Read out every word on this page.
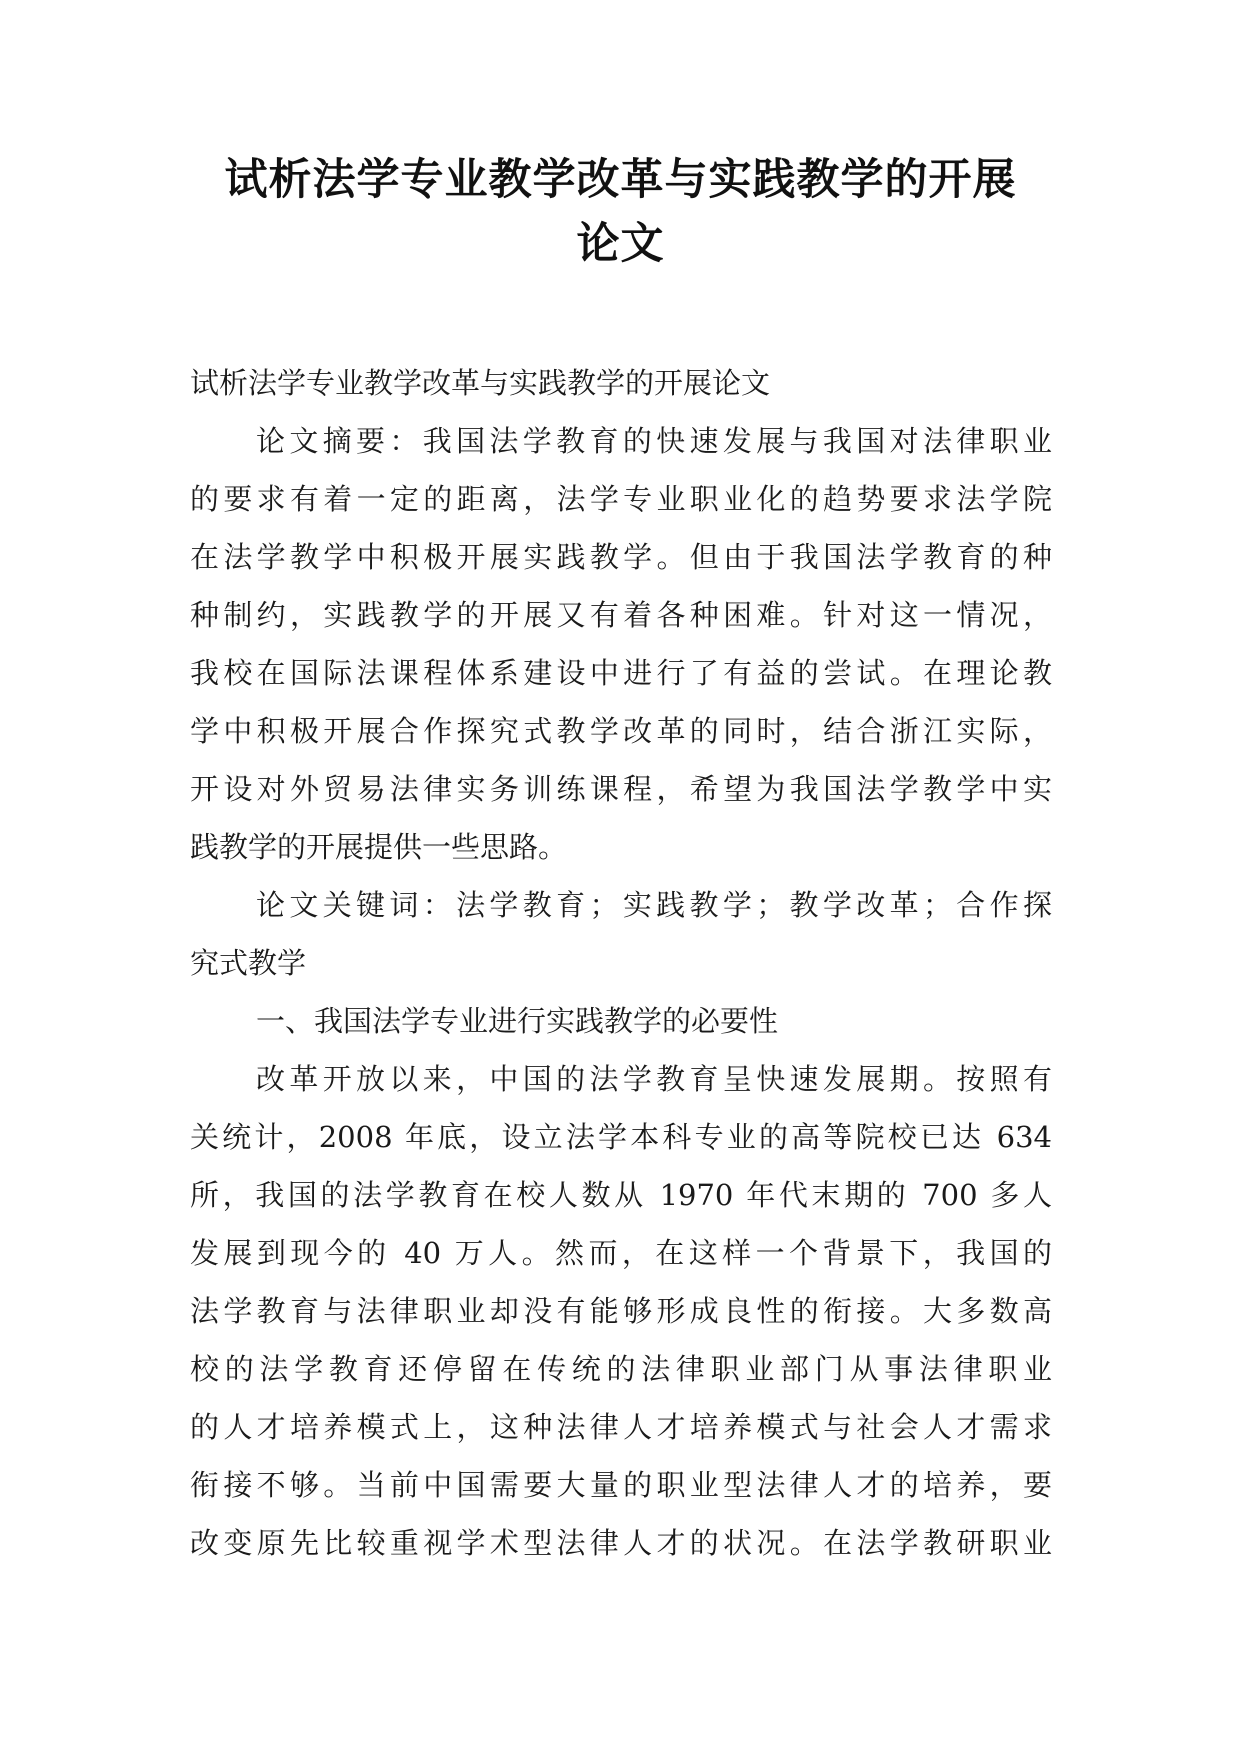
试析法学专业教学改革与实践教学的开展
论文
试析法学专业教学改革与实践教学的开展论文
论文摘要：我国法学教育的快速发展与我国对法律职业
的要求有着一定的距离，法学专业职业化的趋势要求法学院
在法学教学中积极开展实践教学。但由于我国法学教育的种
种制约，实践教学的开展又有着各种困难。针对这一情况，
我校在国际法课程体系建设中进行了有益的尝试。在理论教
学中积极开展合作探究式教学改革的同时，结合浙江实际，
开设对外贸易法律实务训练课程，希望为我国法学教学中实
践教学的开展提供一些思路。
论文关键词：法学教育；实践教学；教学改革；合作探
究式教学
一、我国法学专业进行实践教学的必要性
改革开放以来，中国的法学教育呈快速发展期。按照有
关统计，2008 年底，设立法学本科专业的高等院校已达 634
所，我国的法学教育在校人数从 1970 年代末期的 700 多人
发展到现今的 40 万人。然而，在这样一个背景下，我国的
法学教育与法律职业却没有能够形成良性的衔接。大多数高
校的法学教育还停留在传统的法律职业部门从事法律职业
的人才培养模式上，这种法律人才培养模式与社会人才需求
衔接不够。当前中国需要大量的职业型法律人才的培养，要
改变原先比较重视学术型法律人才的状况。在法学教研职业
